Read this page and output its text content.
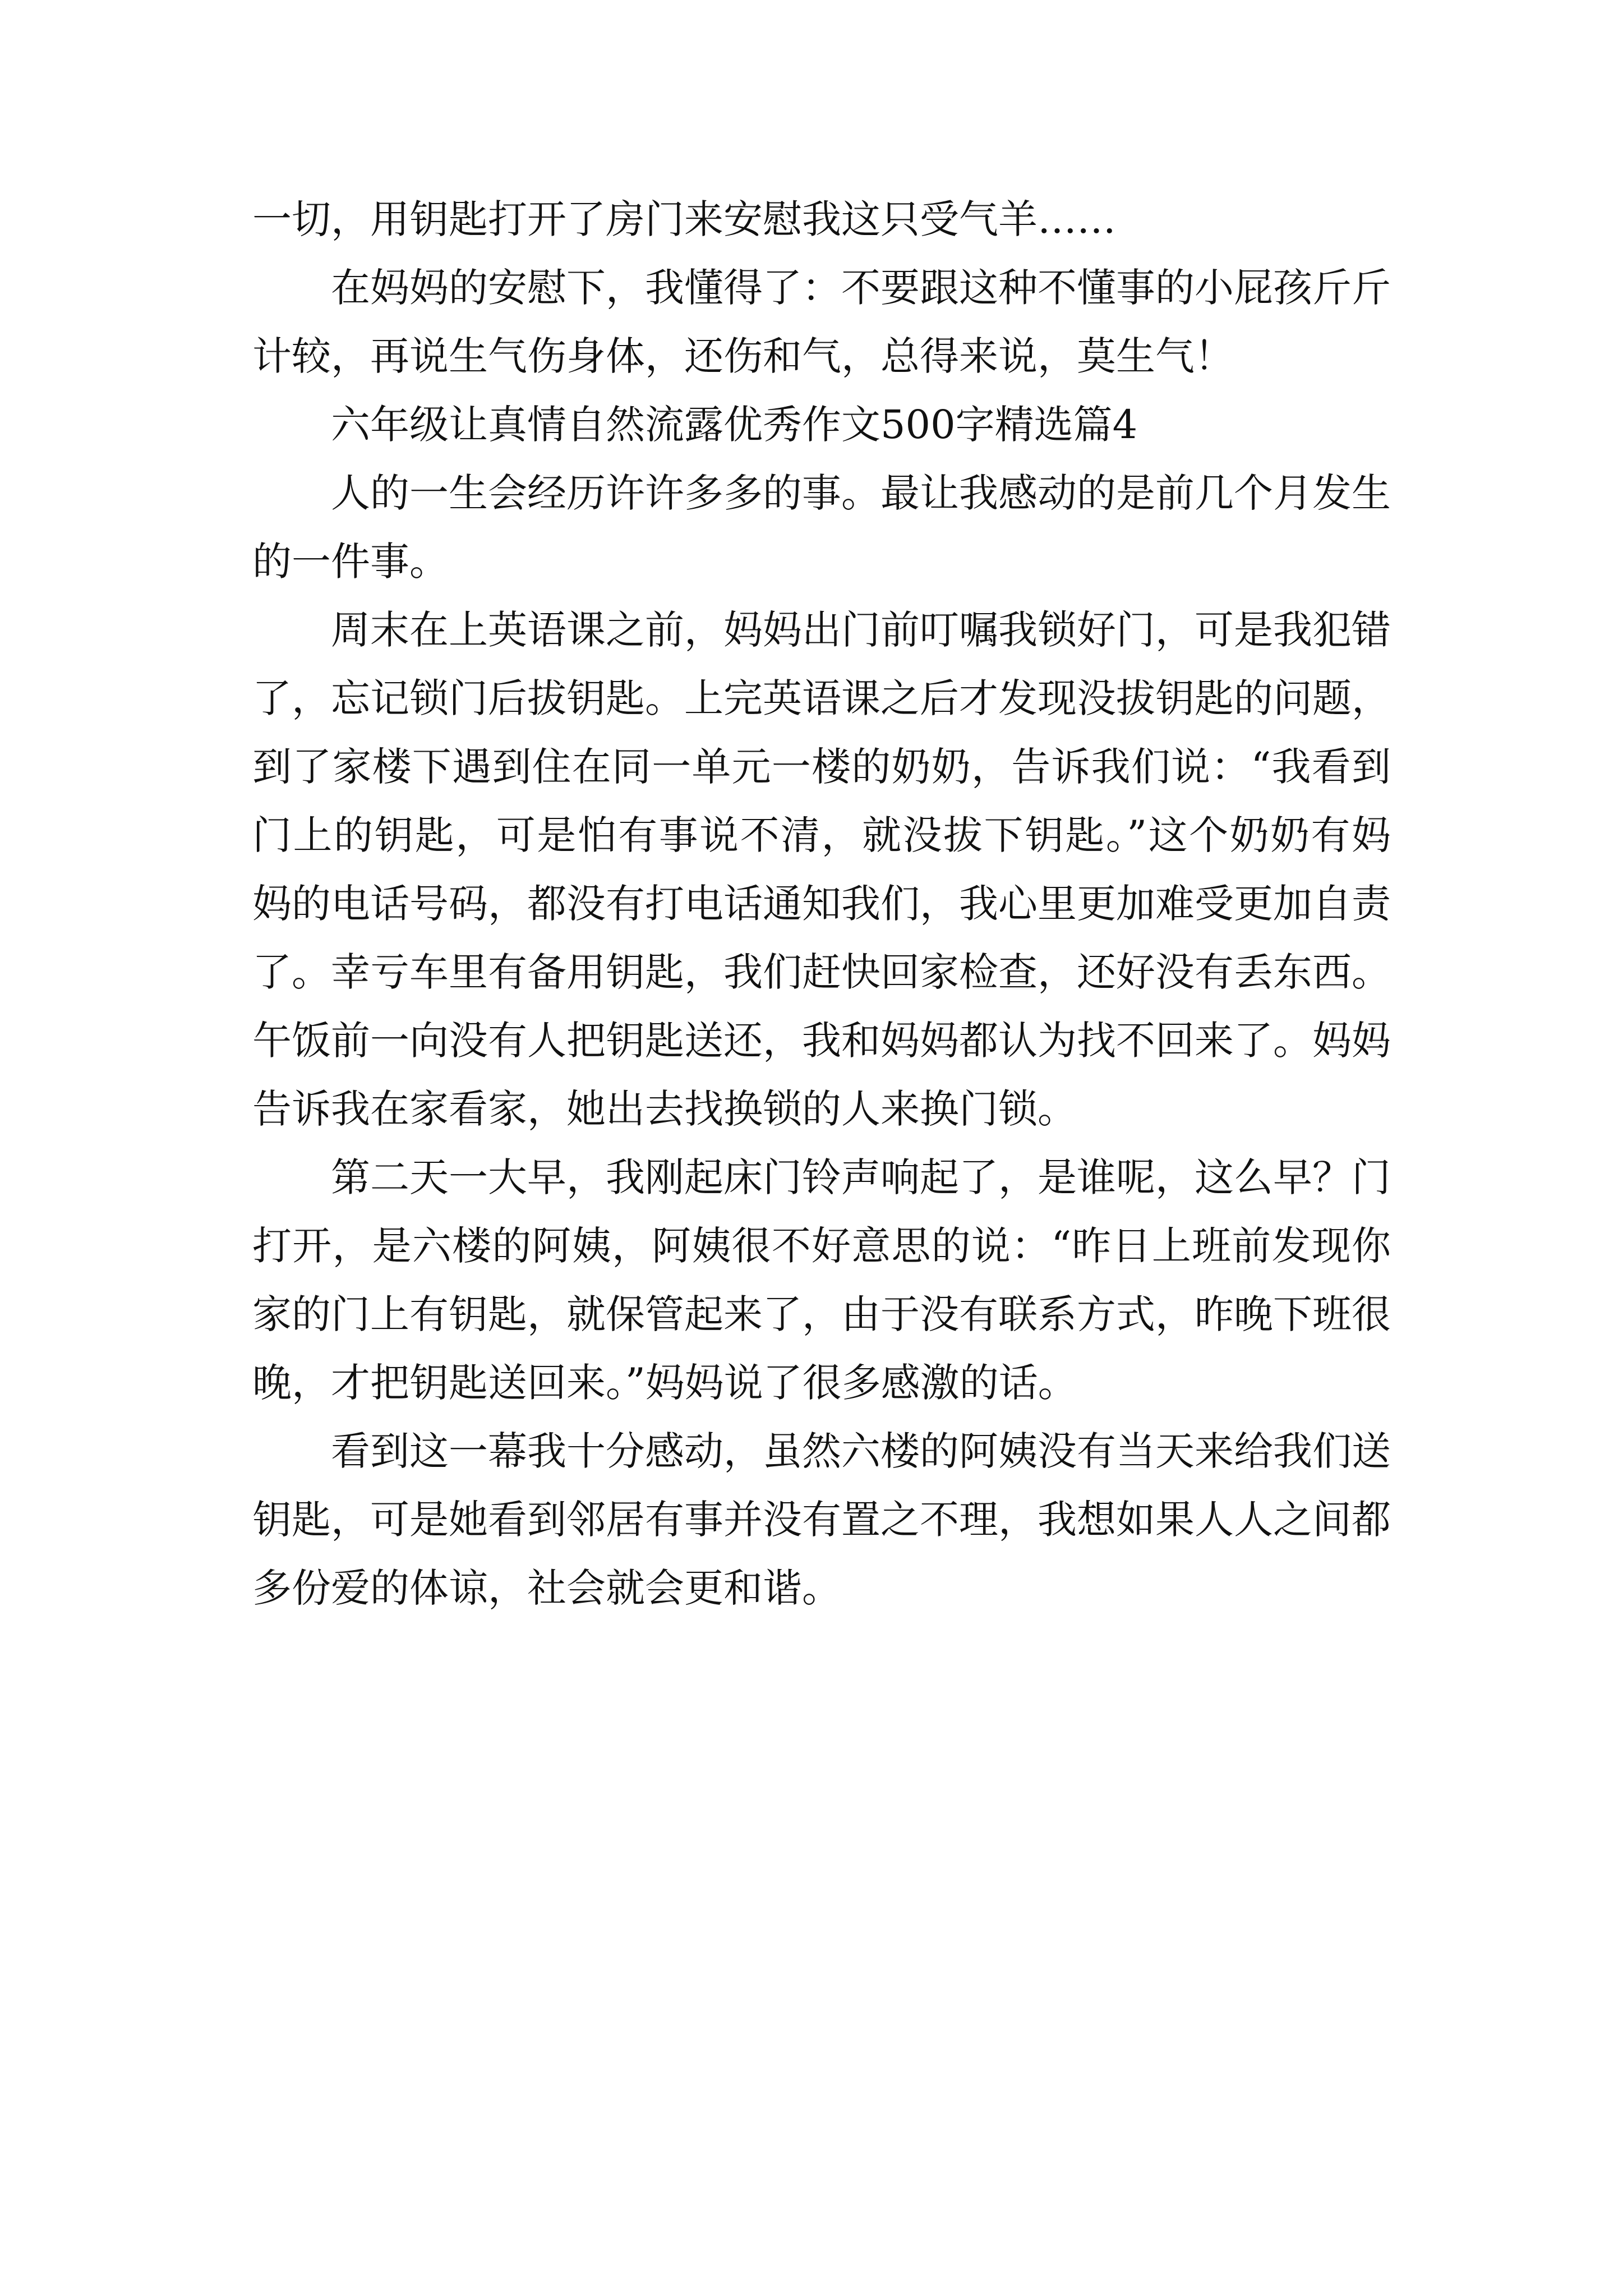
一切，用钥匙打开了房门来安慰我这只受气羊……

在妈妈的安慰下，我懂得了：不要跟这种不懂事的小屁孩斤斤计较，再说生气伤身体，还伤和气，总得来说，莫生气！

六年级让真情自然流露优秀作文500字精选篇4

人的一生会经历许许多多的事。最让我感动的是前几个月发生的一件事。

周末在上英语课之前，妈妈出门前叮嘱我锁好门，可是我犯错了，忘记锁门后拔钥匙。上完英语课之后才发现没拔钥匙的问题，到了家楼下遇到住在同一单元一楼的奶奶，告诉我们说：“我看到门上的钥匙，可是怕有事说不清，就没拔下钥匙。”这个奶奶有妈妈的电话号码，都没有打电话通知我们，我心里更加难受更加自责了。幸亏车里有备用钥匙，我们赶快回家检查，还好没有丢东西。午饭前一向没有人把钥匙送还，我和妈妈都认为找不回来了。妈妈告诉我在家看家，她出去找换锁的人来换门锁。

第二天一大早，我刚起床门铃声响起了，是谁呢，这么早？门打开，是六楼的阿姨，阿姨很不好意思的说：“昨日上班前发现你家的门上有钥匙，就保管起来了，由于没有联系方式，昨晚下班很晚，才把钥匙送回来。”妈妈说了很多感激的话。

看到这一幕我十分感动，虽然六楼的阿姨没有当天来给我们送钥匙，可是她看到邻居有事并没有置之不理，我想如果人人之间都多份爱的体谅，社会就会更和谐。
